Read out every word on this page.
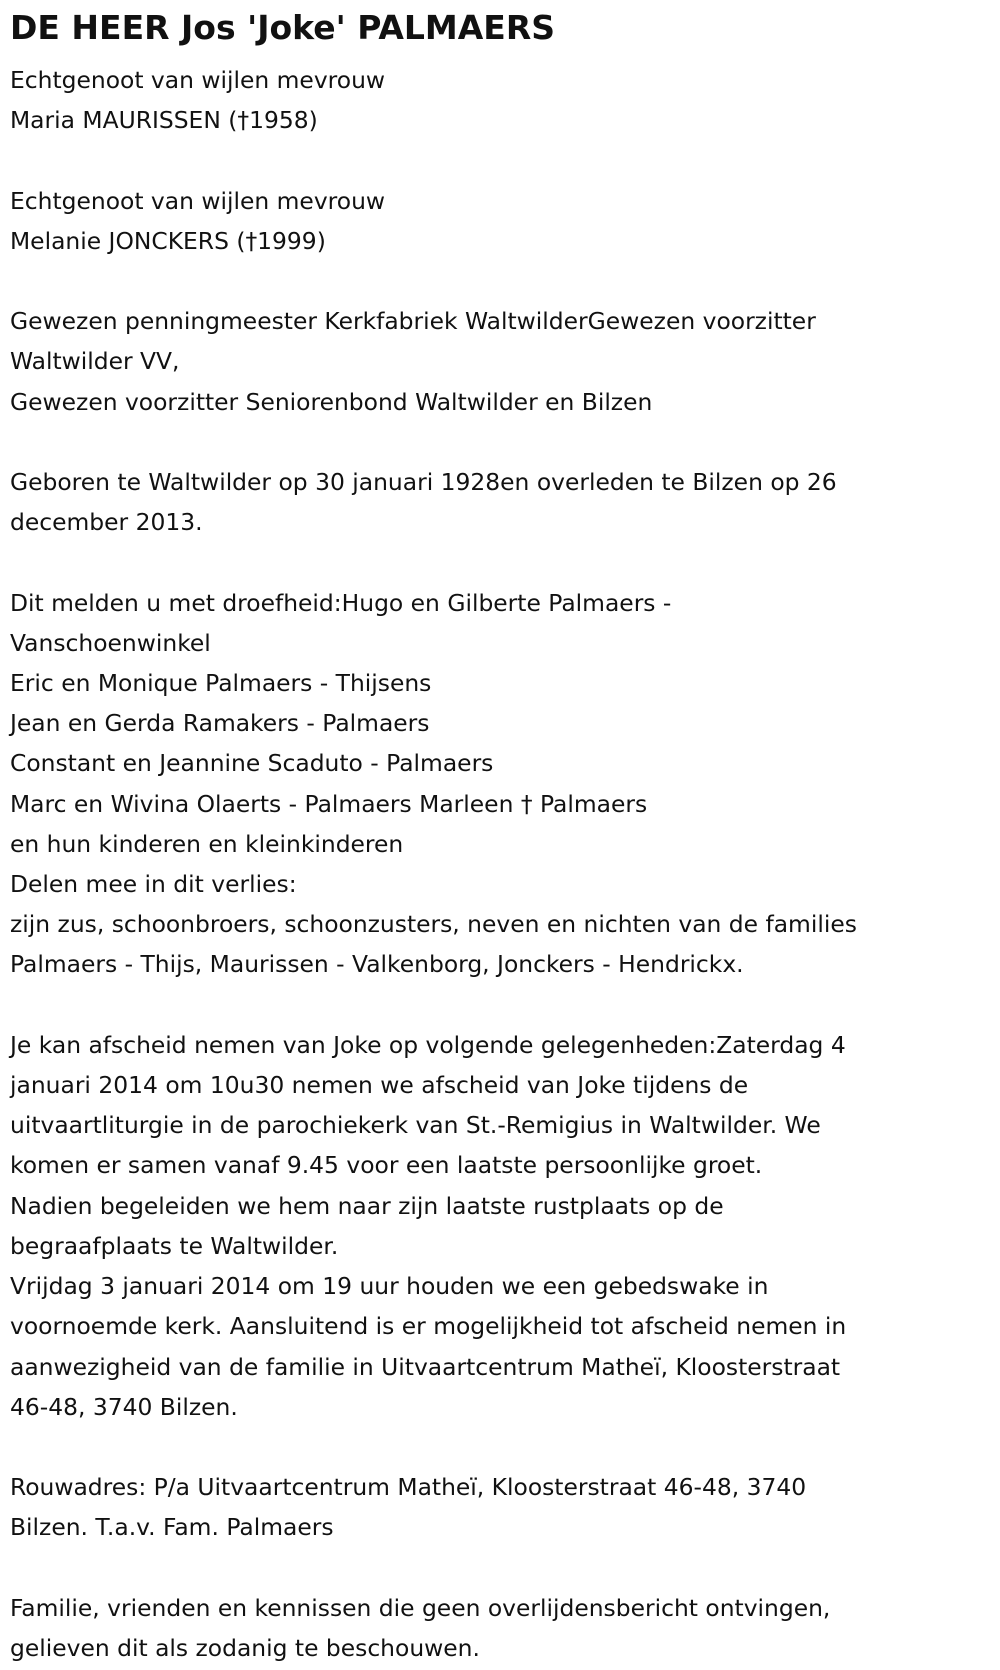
DE HEER Jos 'Joke' PALMAERS

Echtgenoot van wijlen mevrouw
Maria MAURISSEN (†1958)

Echtgenoot van wijlen mevrouw
Melanie JONCKERS (†1999)

Gewezen penningmeester Kerkfabriek WaltwilderGewezen voorzitter
Waltwilder VV,
Gewezen voorzitter Seniorenbond Waltwilder en Bilzen

Geboren te Waltwilder op 30 januari 1928en overleden te Bilzen op 26
december 2013.

Dit melden u met droefheid:Hugo en Gilberte Palmaers -
Vanschoenwinkel
Eric en Monique Palmaers - Thijsens
Jean en Gerda Ramakers - Palmaers
Constant en Jeannine Scaduto - Palmaers
Marc en Wivina Olaerts - Palmaers Marleen † Palmaers
en hun kinderen en kleinkinderen
Delen mee in dit verlies:
zijn zus, schoonbroers, schoonzusters, neven en nichten van de families
Palmaers - Thijs, Maurissen - Valkenborg, Jonckers - Hendrickx.

Je kan afscheid nemen van Joke op volgende gelegenheden:Zaterdag 4
januari 2014 om 10u30 nemen we afscheid van Joke tijdens de
uitvaartliturgie in de parochiekerk van St.-Remigius in Waltwilder. We
komen er samen vanaf 9.45 voor een laatste persoonlijke groet.
Nadien begeleiden we hem naar zijn laatste rustplaats op de
begraafplaats te Waltwilder.
Vrijdag 3 januari 2014 om 19 uur houden we een gebedswake in
voornoemde kerk. Aansluitend is er mogelijkheid tot afscheid nemen in
aanwezigheid van de familie in Uitvaartcentrum Matheï, Kloosterstraat
46-48, 3740 Bilzen.

Rouwadres: P/a Uitvaartcentrum Matheï, Kloosterstraat 46-48, 3740
Bilzen. T.a.v. Fam. Palmaers

Familie, vrienden en kennissen die geen overlijdensbericht ontvingen,
gelieven dit als zodanig te beschouwen.
